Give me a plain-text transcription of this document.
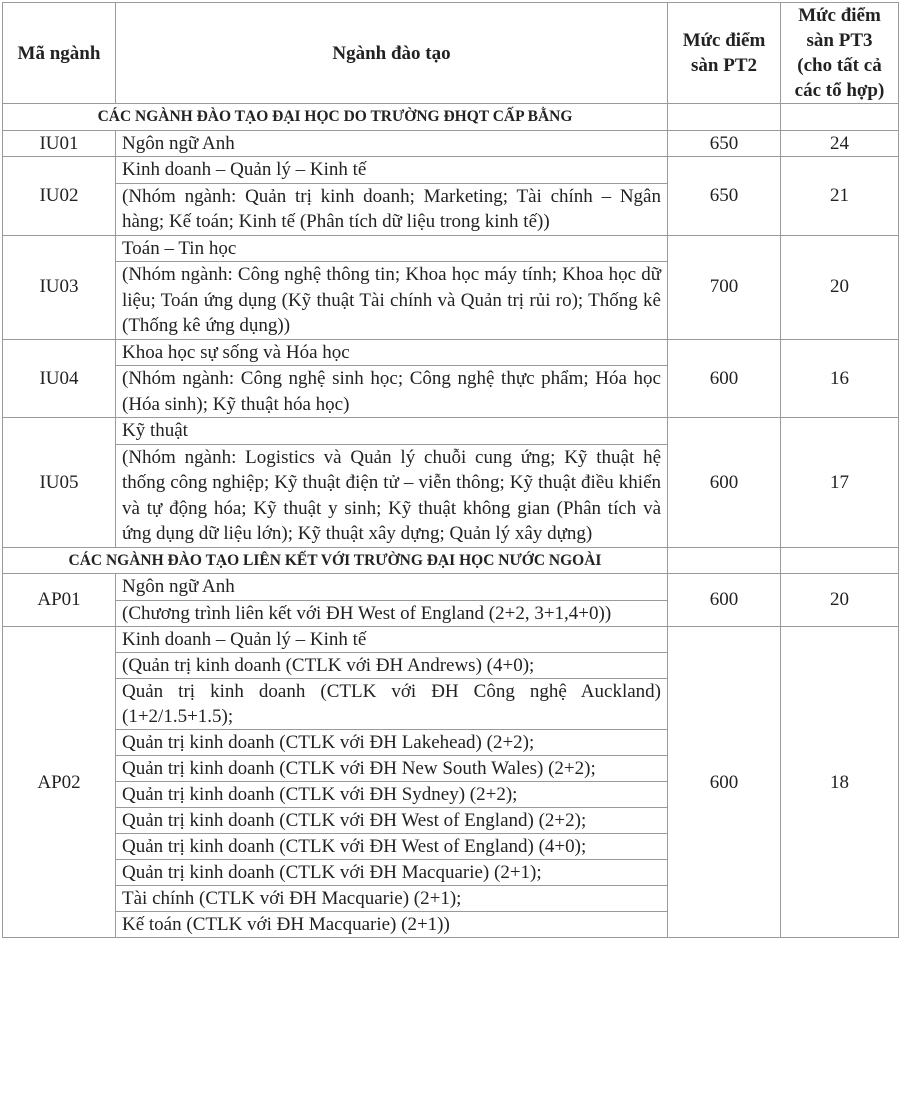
Mã ngành	Ngành đào tạo	Mức điểm sàn PT2	Mức điểm sàn PT3 (cho tất cả các tổ hợp)
CÁC NGÀNH ĐÀO TẠO ĐẠI HỌC DO TRƯỜNG ĐHQT CẤP BẰNG			
IU01	Ngôn ngữ Anh	650	24
IU02	Kinh doanh – Quản lý – Kinh tế	650	21
	(Nhóm ngành: Quản trị kinh doanh; Marketing; Tài chính – Ngân hàng; Kế toán; Kinh tế (Phân tích dữ liệu trong kinh tế))		
IU03	Toán – Tin học	700	20
	(Nhóm ngành: Công nghệ thông tin; Khoa học máy tính; Khoa học dữ liệu; Toán ứng dụng (Kỹ thuật Tài chính và Quản trị rủi ro); Thống kê (Thống kê ứng dụng))		
IU04	Khoa học sự sống và Hóa học	600	16
	(Nhóm ngành: Công nghệ sinh học; Công nghệ thực phẩm; Hóa học (Hóa sinh); Kỹ thuật hóa học)		
IU05	Kỹ thuật	600	17
	(Nhóm ngành: Logistics và Quản lý chuỗi cung ứng; Kỹ thuật hệ thống công nghiệp; Kỹ thuật điện tử – viễn thông; Kỹ thuật điều khiển và tự động hóa; Kỹ thuật y sinh; Kỹ thuật không gian (Phân tích và ứng dụng dữ liệu lớn); Kỹ thuật xây dựng; Quản lý xây dựng)		
CÁC NGÀNH ĐÀO TẠO LIÊN KẾT VỚI TRƯỜNG ĐẠI HỌC NƯỚC NGOÀI			
AP01	Ngôn ngữ Anh	600	20
	(Chương trình liên kết với ĐH West of England (2+2, 3+1,4+0))		
AP02	Kinh doanh – Quản lý – Kinh tế	600	18
	(Quản trị kinh doanh (CTLK với ĐH Andrews) (4+0);		
	Quản trị kinh doanh (CTLK với ĐH Công nghệ Auckland) (1+2/1.5+1.5);		
	Quản trị kinh doanh (CTLK với ĐH Lakehead) (2+2);		
	Quản trị kinh doanh (CTLK với ĐH New South Wales) (2+2);		
	Quản trị kinh doanh (CTLK với ĐH Sydney) (2+2);		
	Quản trị kinh doanh (CTLK với ĐH West of England) (2+2);		
	Quản trị kinh doanh (CTLK với ĐH West of England) (4+0);		
	Quản trị kinh doanh (CTLK với ĐH Macquarie) (2+1);		
	Tài chính (CTLK với ĐH Macquarie) (2+1);		
	Kế toán (CTLK với ĐH Macquarie) (2+1))		
